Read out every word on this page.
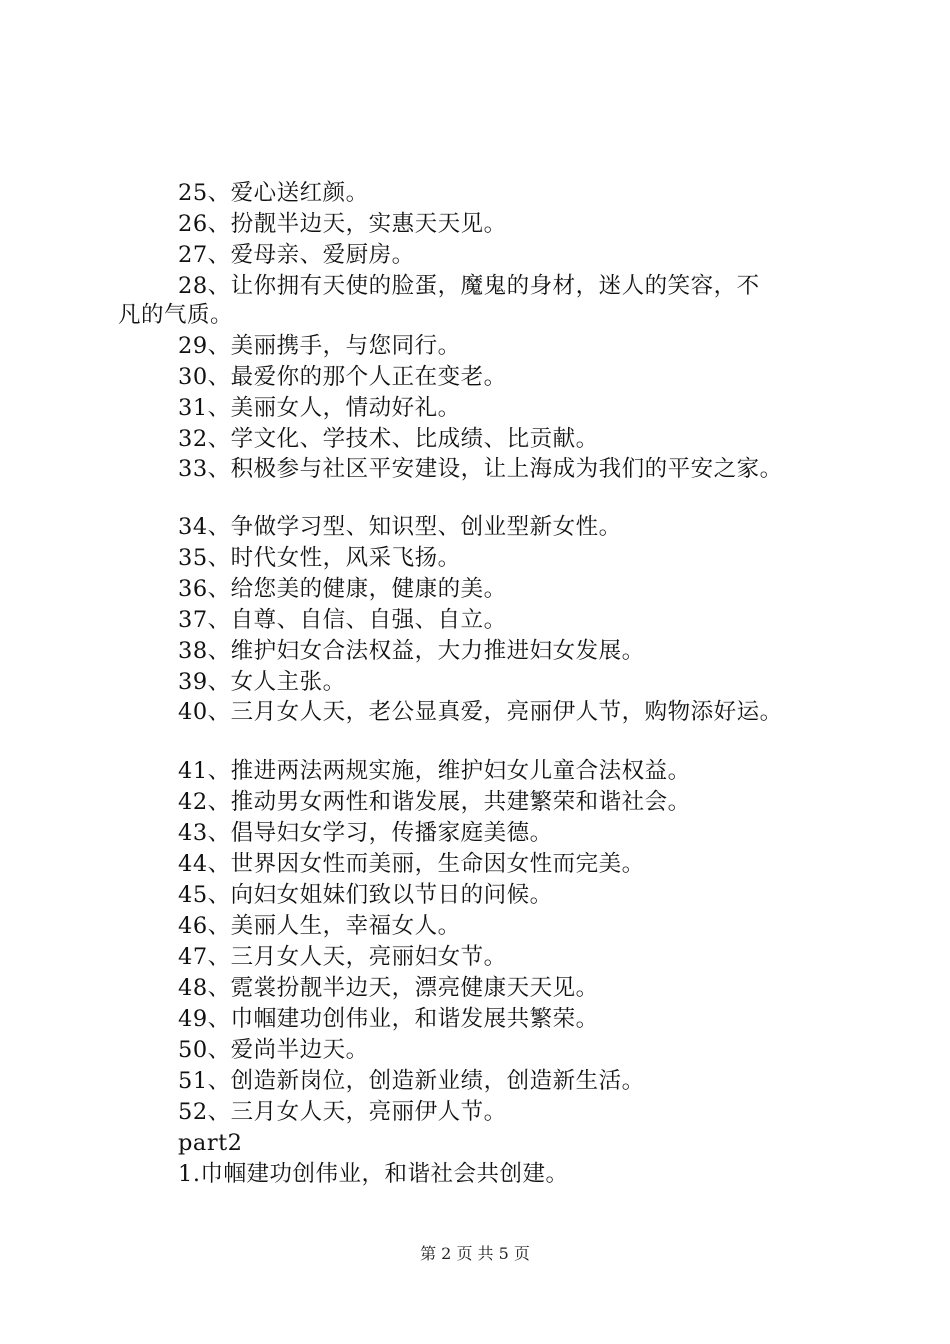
25、爱心送红颜。
26、扮靓半边天，实惠天天见。
27、爱母亲、爱厨房。
28、让你拥有天使的脸蛋，魔鬼的身材，迷人的笑容，不
凡的气质。
29、美丽携手，与您同行。
30、最爱你的那个人正在变老。
31、美丽女人，情动好礼。
32、学文化、学技术、比成绩、比贡献。
33、积极参与社区平安建设，让上海成为我们的平安之家。
34、争做学习型、知识型、创业型新女性。
35、时代女性，风采飞扬。
36、给您美的健康，健康的美。
37、自尊、自信、自强、自立。
38、维护妇女合法权益，大力推进妇女发展。
39、女人主张。
40、三月女人天，老公显真爱，亮丽伊人节，购物添好运。
41、推进两法两规实施，维护妇女儿童合法权益。
42、推动男女两性和谐发展，共建繁荣和谐社会。
43、倡导妇女学习，传播家庭美德。
44、世界因女性而美丽，生命因女性而完美。
45、向妇女姐妹们致以节日的问候。
46、美丽人生，幸福女人。
47、三月女人天，亮丽妇女节。
48、霓裳扮靓半边天，漂亮健康天天见。
49、巾帼建功创伟业，和谐发展共繁荣。
50、爱尚半边天。
51、创造新岗位，创造新业绩，创造新生活。
52、三月女人天，亮丽伊人节。
part2
1.巾帼建功创伟业，和谐社会共创建。
第 2 页 共 5 页
